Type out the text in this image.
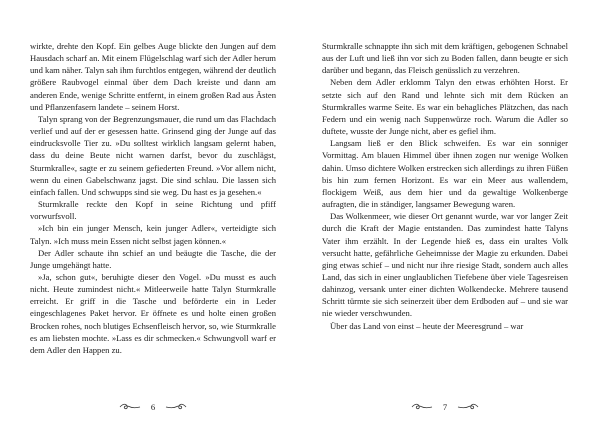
wirkte, drehte den Kopf. Ein gelbes Auge blickte den Jungen auf dem Hausdach scharf an. Mit einem Flügelschlag warf sich der Adler herum und kam näher. Talyn sah ihm furchtlos entgegen, während der deutlich größere Raubvogel einmal über dem Dach kreiste und dann am anderen Ende, wenige Schritte entfernt, in einem großen Rad aus Ästen und Pflanzenfasern landete – seinem Horst.

Talyn sprang von der Begrenzungsmauer, die rund um das Flachdach verlief und auf der er gesessen hatte. Grinsend ging der Junge auf das eindrucksvolle Tier zu. »Du solltest wirklich langsam gelernt haben, dass du deine Beute nicht warnen darfst, bevor du zuschlägst, Sturmkralle«, sagte er zu seinem gefiederten Freund. »Vor allem nicht, wenn du einen Gabelschwanz jagst. Die sind schlau. Die lassen sich einfach fallen. Und schwupps sind sie weg. Du hast es ja gesehen.«

Sturmkralle reckte den Kopf in seine Richtung und pfiff vorwurfsvoll.

»Ich bin ein junger Mensch, kein junger Adler«, verteidigte sich Talyn. »Ich muss mein Essen nicht selbst jagen können.«

Der Adler schaute ihn schief an und beäugte die Tasche, die der Junge umgehängt hatte.

»Ja, schon gut«, beruhigte dieser den Vogel. »Du musst es auch nicht. Heute zumindest nicht.« Mitleerweile hatte Talyn Sturmkralle erreicht. Er griff in die Tasche und beförderte ein in Leder eingeschlagenes Paket hervor. Er öffnete es und holte einen großen Brocken rohes, noch blutiges Echsenfleisch hervor, so, wie Sturmkralle es am liebsten mochte. »Lass es dir schmecken.« Schwungvoll warf er dem Adler den Happen zu.

Sturmkralle schnappte ihn sich mit dem kräftigen, gebogenen Schnabel aus der Luft und ließ ihn vor sich zu Boden fallen, dann beugte er sich darüber und begann, das Fleisch genüsslich zu verzehren.

Neben dem Adler erklomm Talyn den etwas erhöhten Horst. Er setzte sich auf den Rand und lehnte sich mit dem Rücken an Sturmkralles warme Seite. Es war ein behagliches Plätzchen, das nach Federn und ein wenig nach Suppenwürze roch. Warum die Adler so duftete, wusste der Junge nicht, aber es gefiel ihm.

Langsam ließ er den Blick schweifen. Es war ein sonniger Vormittag. Am blauen Himmel über ihnen zogen nur wenige Wolken dahin. Umso dichtere Wolken erstrecken sich allerdings zu ihren Füßen bis hin zum fernen Horizont. Es war ein Meer aus wallendem, flockigem Weiß, aus dem hier und da gewaltige Wolkenberge aufragten, die in ständiger, langsamer Bewegung waren.

Das Wolkenmeer, wie dieser Ort genannt wurde, war vor langer Zeit durch die Kraft der Magie entstanden. Das zumindest hatte Talyns Vater ihm erzählt. In der Legende hieß es, dass ein uraltes Volk versucht hatte, gefährliche Geheimnisse der Magie zu erkunden. Dabei ging etwas schief – und nicht nur ihre riesige Stadt, sondern auch alles Land, das sich in einer unglaublichen Tiefebene über viele Tagesreisen dahinzog, versank unter einer dichten Wolkendecke. Mehrere tausend Schritt türmte sie sich seinerzeit über dem Erdboden auf – und sie war nie wieder verschwunden.

Über das Land von einst – heute der Meeresgrund – war

6	7
